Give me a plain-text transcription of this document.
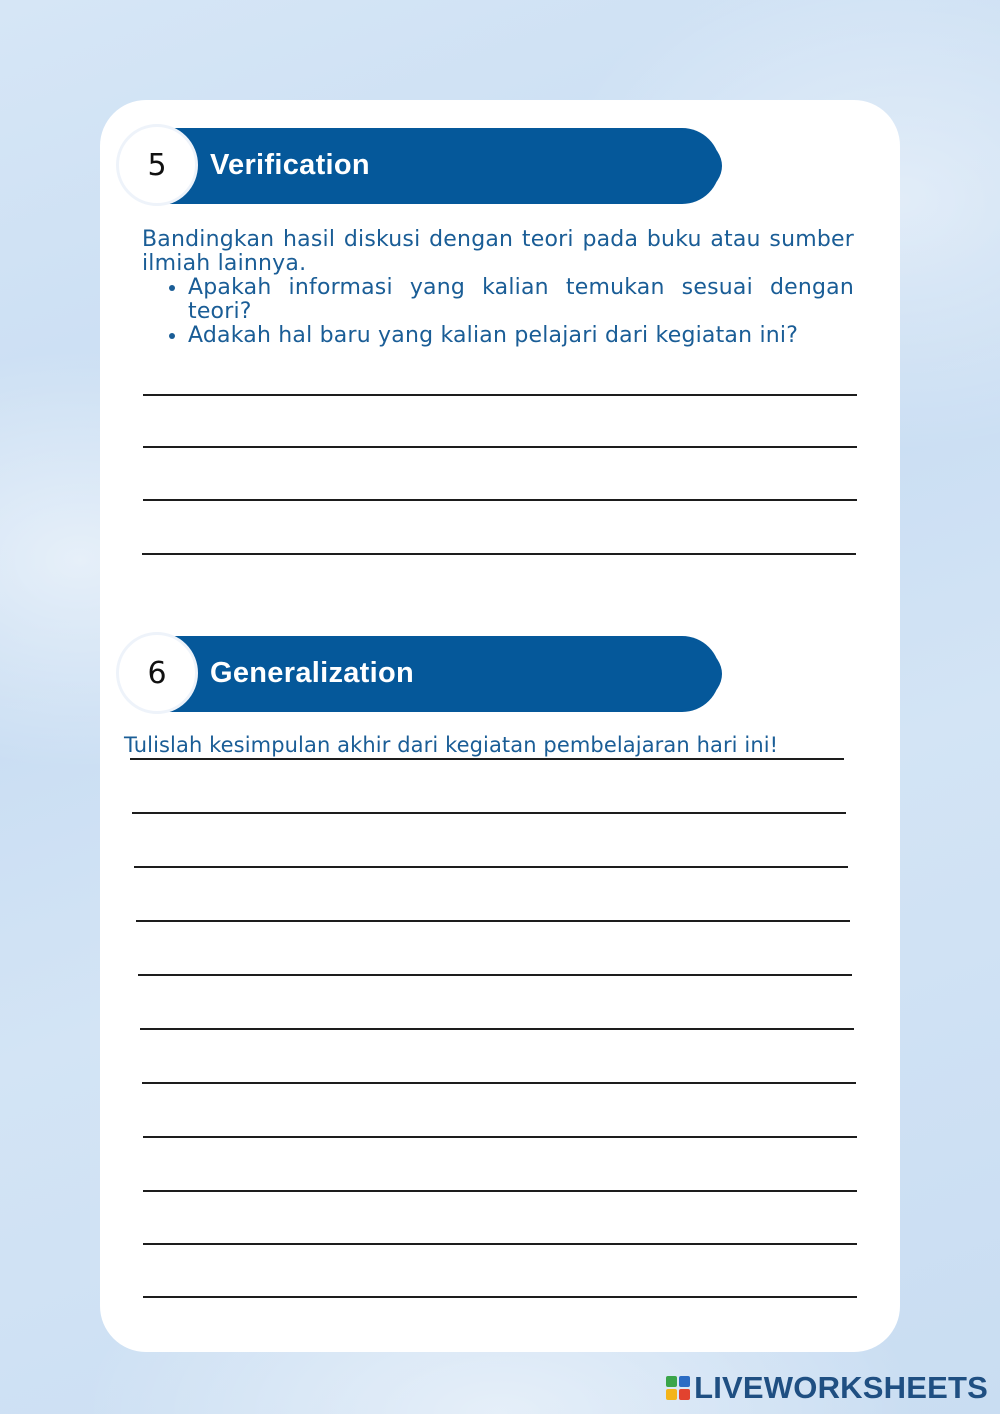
5	Verification
Bandingkan hasil diskusi dengan teori pada buku atau sumber ilmiah lainnya.
• Apakah informasi yang kalian temukan sesuai dengan teori?
• Adakah hal baru yang kalian pelajari dari kegiatan ini?
6	Generalization
Tulislah kesimpulan akhir dari kegiatan pembelajaran hari ini!
LIVEWORKSHEETS
